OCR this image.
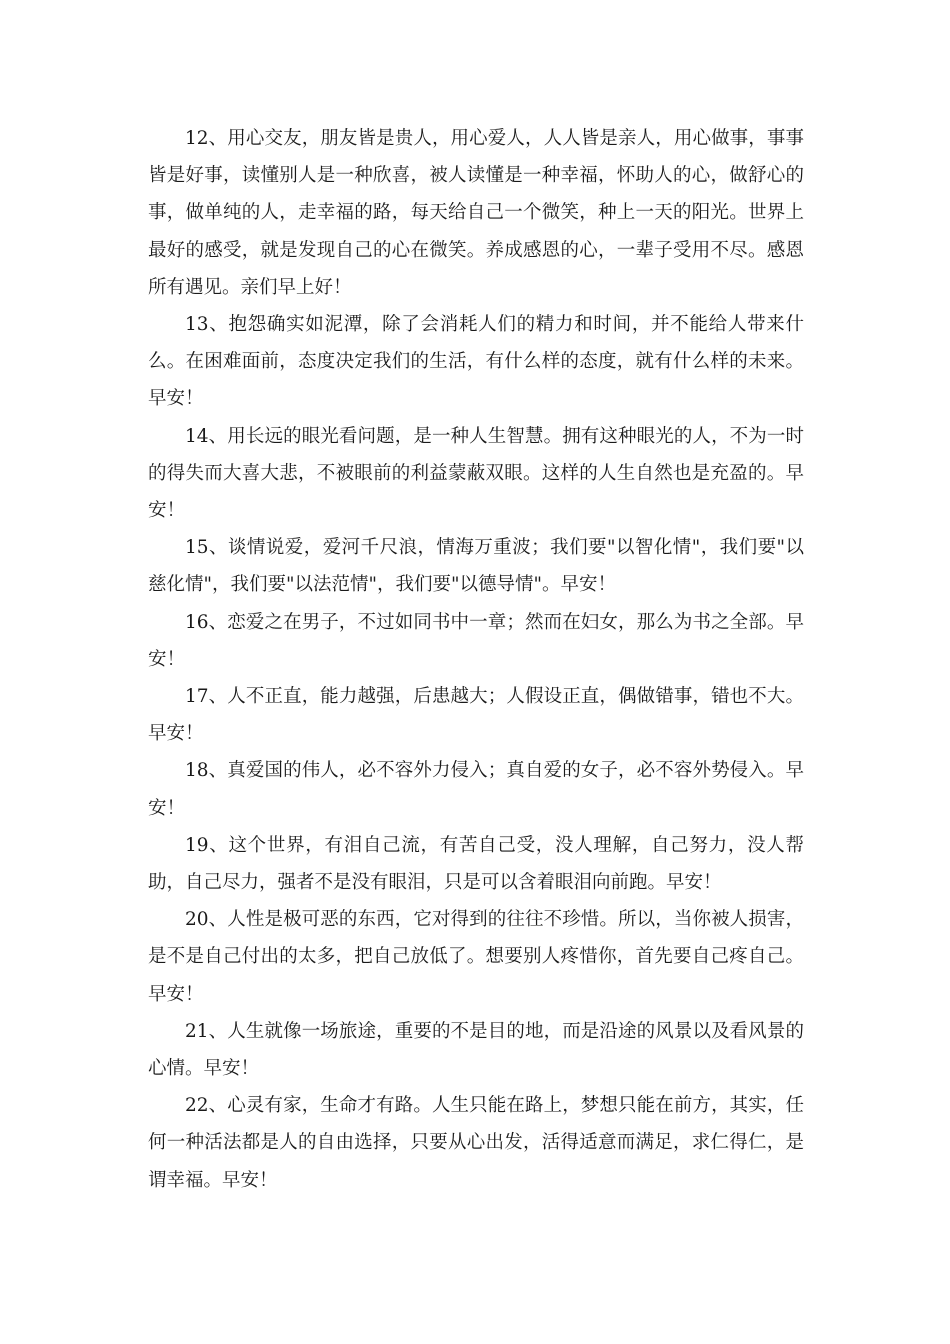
12、用心交友，朋友皆是贵人，用心爱人，人人皆是亲人，用心做事，事事皆是好事，读懂别人是一种欣喜，被人读懂是一种幸福，怀助人的心，做舒心的事，做单纯的人，走幸福的路，每天给自己一个微笑，种上一天的阳光。世界上最好的感受，就是发现自己的心在微笑。养成感恩的心，一辈子受用不尽。感恩所有遇见。亲们早上好！

13、抱怨确实如泥潭，除了会消耗人们的精力和时间，并不能给人带来什么。在困难面前，态度决定我们的生活，有什么样的态度，就有什么样的未来。早安！

14、用长远的眼光看问题，是一种人生智慧。拥有这种眼光的人，不为一时的得失而大喜大悲，不被眼前的利益蒙蔽双眼。这样的人生自然也是充盈的。早安！

15、谈情说爱，爱河千尺浪，情海万重波；我们要"以智化情"，我们要"以慈化情"，我们要"以法范情"，我们要"以德导情"。早安！

16、恋爱之在男子，不过如同书中一章；然而在妇女，那么为书之全部。早安！

17、人不正直，能力越强，后患越大；人假设正直，偶做错事，错也不大。早安！

18、真爱国的伟人，必不容外力侵入；真自爱的女子，必不容外势侵入。早安！

19、这个世界，有泪自己流，有苦自己受，没人理解，自己努力，没人帮助，自己尽力，强者不是没有眼泪，只是可以含着眼泪向前跑。早安！

20、人性是极可恶的东西，它对得到的往往不珍惜。所以，当你被人损害，是不是自己付出的太多，把自己放低了。想要别人疼惜你，首先要自己疼自己。早安！

21、人生就像一场旅途，重要的不是目的地，而是沿途的风景以及看风景的心情。早安！

22、心灵有家，生命才有路。人生只能在路上，梦想只能在前方，其实，任何一种活法都是人的自由选择，只要从心出发，活得适意而满足，求仁得仁，是谓幸福。早安！
